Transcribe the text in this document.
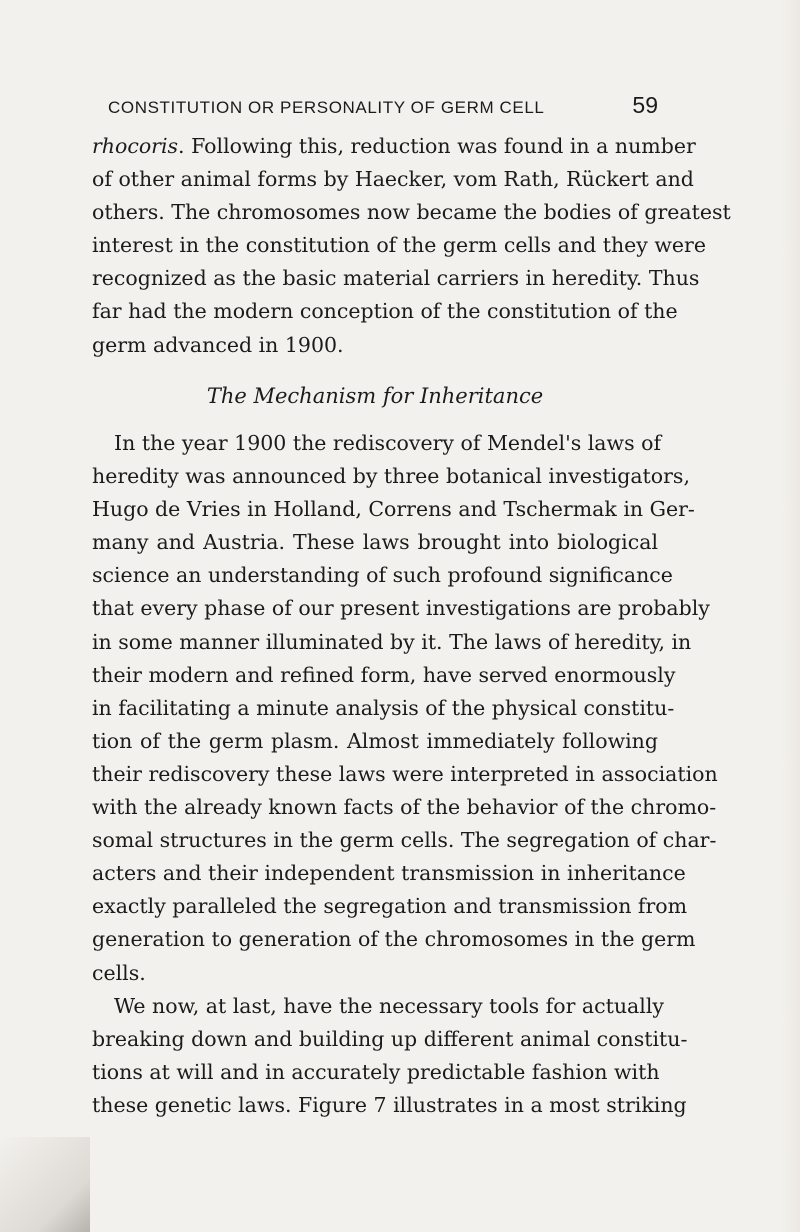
CONSTITUTION OR PERSONALITY OF GERM CELL	59
rhocoris. Following this, reduction was found in a number
of other animal forms by Haecker, vom Rath, Rückert and
others. The chromosomes now became the bodies of greatest
interest in the constitution of the germ cells and they were
recognized as the basic material carriers in heredity. Thus
far had the modern conception of the constitution of the
germ advanced in 1900.
The Mechanism for Inheritance
In the year 1900 the rediscovery of Mendel's laws of
heredity was announced by three botanical investigators,
Hugo de Vries in Holland, Correns and Tschermak in Ger-
many and Austria. These laws brought into biological
science an understanding of such profound significance
that every phase of our present investigations are probably
in some manner illuminated by it. The laws of heredity, in
their modern and refined form, have served enormously
in facilitating a minute analysis of the physical constitu-
tion of the germ plasm. Almost immediately following
their rediscovery these laws were interpreted in association
with the already known facts of the behavior of the chromo-
somal structures in the germ cells. The segregation of char-
acters and their independent transmission in inheritance
exactly paralleled the segregation and transmission from
generation to generation of the chromosomes in the germ
cells.
We now, at last, have the necessary tools for actually
breaking down and building up different animal constitu-
tions at will and in accurately predictable fashion with
these genetic laws. Figure 7 illustrates in a most striking
